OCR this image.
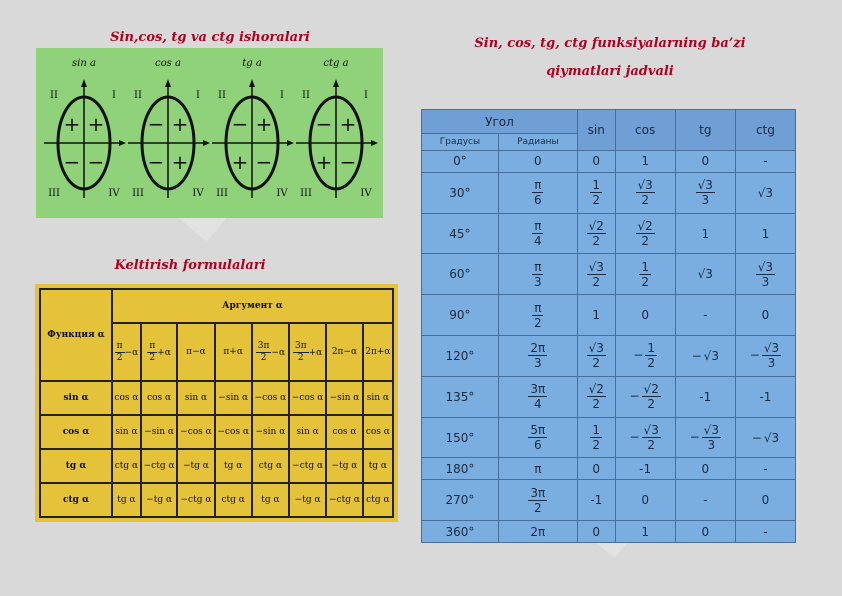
Sin,cos, tg va ctg ishoralari	Sin, cos, tg, ctg funksiyalarning ba’zi
qiymatlari jadvali
Keltirish formulalari
sin a
I
II
III	IV
+
+
− −
cos a
I
II
III	IV
+
−
− +
tg a
I
II
III	IV
+
−
+ −
ctg a
I
II
III	IV
+
−
+ −
Функция α	Аргумент α							

	$\frac{\pi}{2} -\alpha$	$\frac{\pi}{2} +\alpha$	π−α	π+α	$\frac{3\pi}{2} -\alpha$	$\frac{3\pi}{2} +\alpha$	2π−α	2π+α
sin α	cos α	cos α	sin α	−sin α	−cos α	−cos α	−sin α	sin α
cos α	sin α	−sin α	−cos α	−cos α	−sin α	sin α	cos α	cos α
tg α	ctg α	−ctg α	−tg α	tg α	ctg α	−ctg α	−tg α	tg α
ctg α	tg α	−tg α	−ctg α	ctg α	tg α	−tg α	−ctg α	ctg α
Угол		sin	cos	tg	ctg
Градусы	Радианы				
0°	0	0	1	0	-
30°	$\frac{\pi}{6}$	$\frac{1}{2}$	$\frac{√3}{2}$	$\frac{√3}{3}$	√3
45°	$\frac{\pi}{4}$	$\frac{√2}{2}$	$\frac{√2}{2}$	1	1
60°	$\frac{\pi}{3}$	$\frac{√3}{2}$	$\frac{1}{2}$	√3	$\frac{√3}{3}$

90°	$\frac{\pi}{2}$	1	0	-	0
120°	$\frac{2\pi}{3}$	$\frac{√3}{2}$	− $\frac{1}{2}$	− √3	− $\frac{√3}{3}$

135°	$\frac{3\pi}{4}$	$\frac{√2}{2}$	− $\frac{√2}{2}$	-1	-1
150°	$\frac{5\pi}{6}$	$\frac{1}{2}$	− $\frac{√3}{2}$	− $\frac{√3}{3}$	− √3
180°	π	0	-1	0	-
270°	$\frac{3\pi}{2}$	-1	0	-	0
360°	2π	0	1	0	-
